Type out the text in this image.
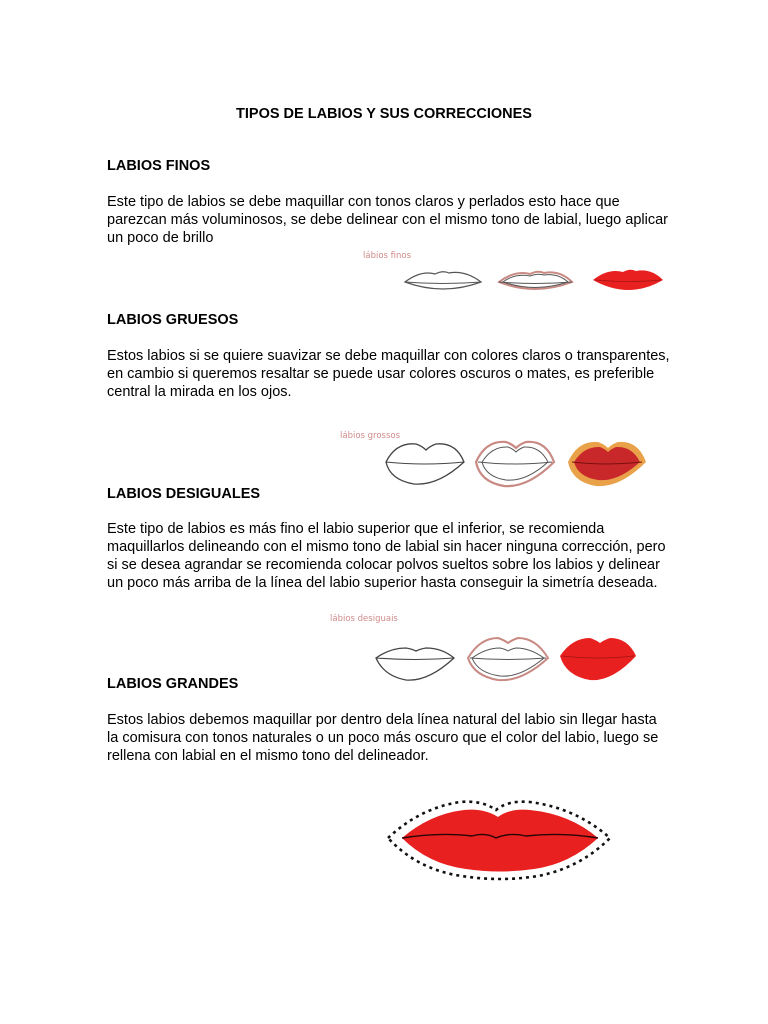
TIPOS DE LABIOS Y SUS CORRECCIONES
LABIOS FINOS
Este tipo de labios se debe maquillar con tonos claros y perlados esto hace que parezcan más voluminosos, se debe delinear con el mismo tono de labial, luego aplicar un poco de brillo
lábios finos
LABIOS GRUESOS
Estos labios si se quiere suavizar se debe maquillar con colores claros o transparentes, en cambio si queremos resaltar se puede usar colores oscuros o mates, es preferible central la mirada en los ojos.
lábios grossos
LABIOS DESIGUALES
Este tipo de labios es más fino el labio superior que el inferior, se recomienda maquillarlos delineando con el mismo tono de labial sin hacer ninguna corrección, pero si se desea agrandar se recomienda colocar polvos sueltos sobre los labios y delinear un poco más arriba de la línea del labio superior hasta conseguir la simetría deseada.
lábios desiguais
LABIOS GRANDES
Estos labios debemos maquillar por dentro dela línea natural del labio sin llegar hasta la comisura con tonos naturales o un poco más oscuro que el color del labio, luego se rellena con labial en el mismo tono del delineador.
